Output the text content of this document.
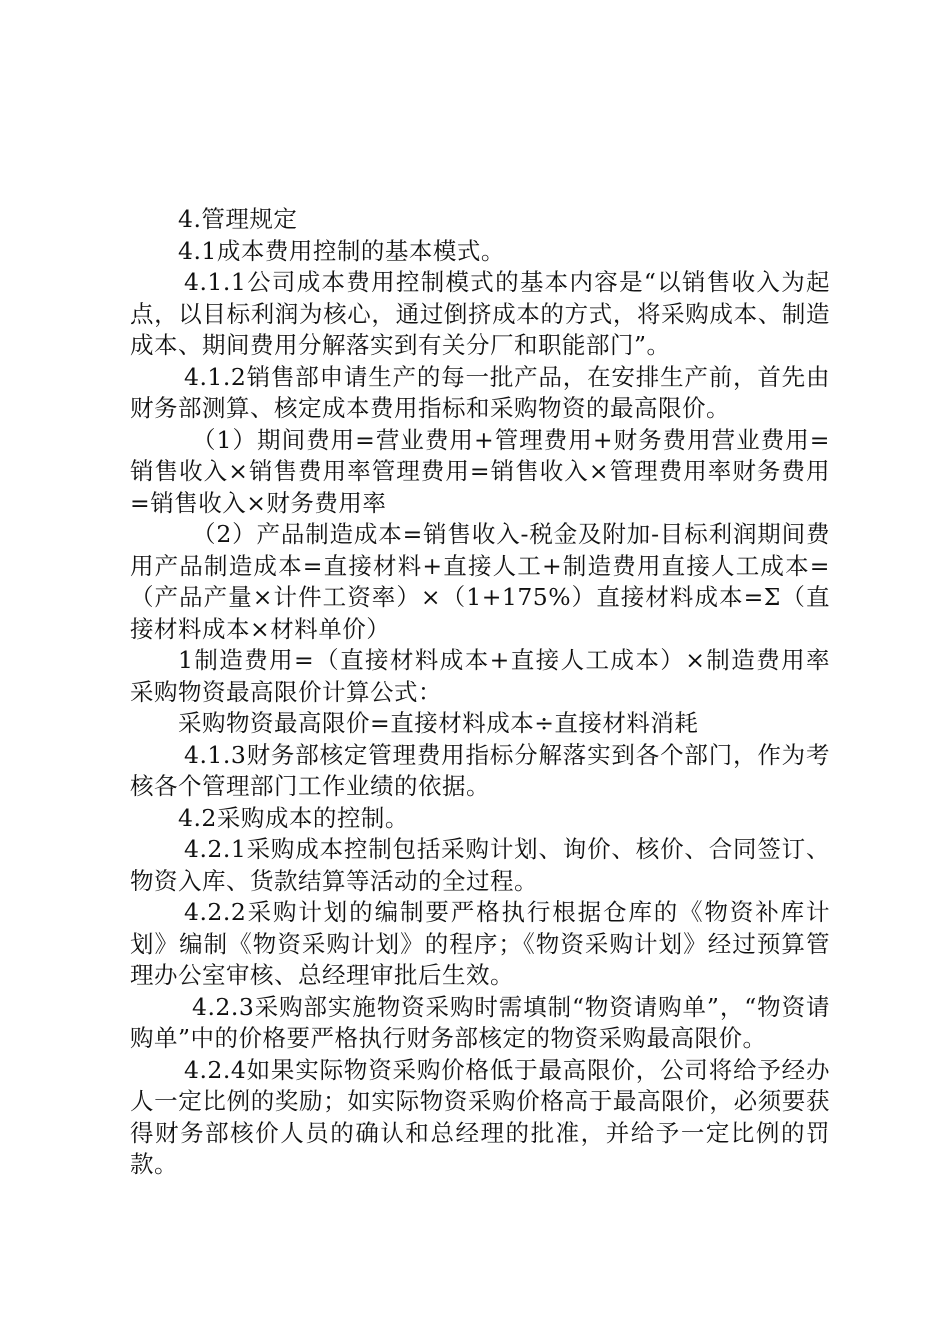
4.管理规定

4.1成本费用控制的基本模式。

4.1.1公司成本费用控制模式的基本内容是“以销售收入为起点，以目标利润为核心，通过倒挤成本的方式，将采购成本、制造成本、期间费用分解落实到有关分厂和职能部门”。

4.1.2销售部申请生产的每一批产品，在安排生产前，首先由财务部测算、核定成本费用指标和采购物资的最高限价。

（1）期间费用=营业费用+管理费用+财务费用营业费用=销售收入×销售费用率管理费用=销售收入×管理费用率财务费用=销售收入×财务费用率

（2）产品制造成本=销售收入-税金及附加-目标利润期间费用产品制造成本=直接材料+直接人工+制造费用直接人工成本=（产品产量×计件工资率）×（1+175%）直接材料成本=Σ（直接材料成本×材料单价）

1制造费用=（直接材料成本+直接人工成本）×制造费用率采购物资最高限价计算公式：

采购物资最高限价=直接材料成本÷直接材料消耗

4.1.3财务部核定管理费用指标分解落实到各个部门，作为考核各个管理部门工作业绩的依据。

4.2采购成本的控制。

4.2.1采购成本控制包括采购计划、询价、核价、合同签订、物资入库、货款结算等活动的全过程。

4.2.2采购计划的编制要严格执行根据仓库的《物资补库计划》编制《物资采购计划》的程序；《物资采购计划》经过预算管理办公室审核、总经理审批后生效。

4.2.3采购部实施物资采购时需填制“物资请购单”，“物资请购单”中的价格要严格执行财务部核定的物资采购最高限价。

4.2.4如果实际物资采购价格低于最高限价，公司将给予经办人一定比例的奖励；如实际物资采购价格高于最高限价，必须要获得财务部核价人员的确认和总经理的批准，并给予一定比例的罚款。
